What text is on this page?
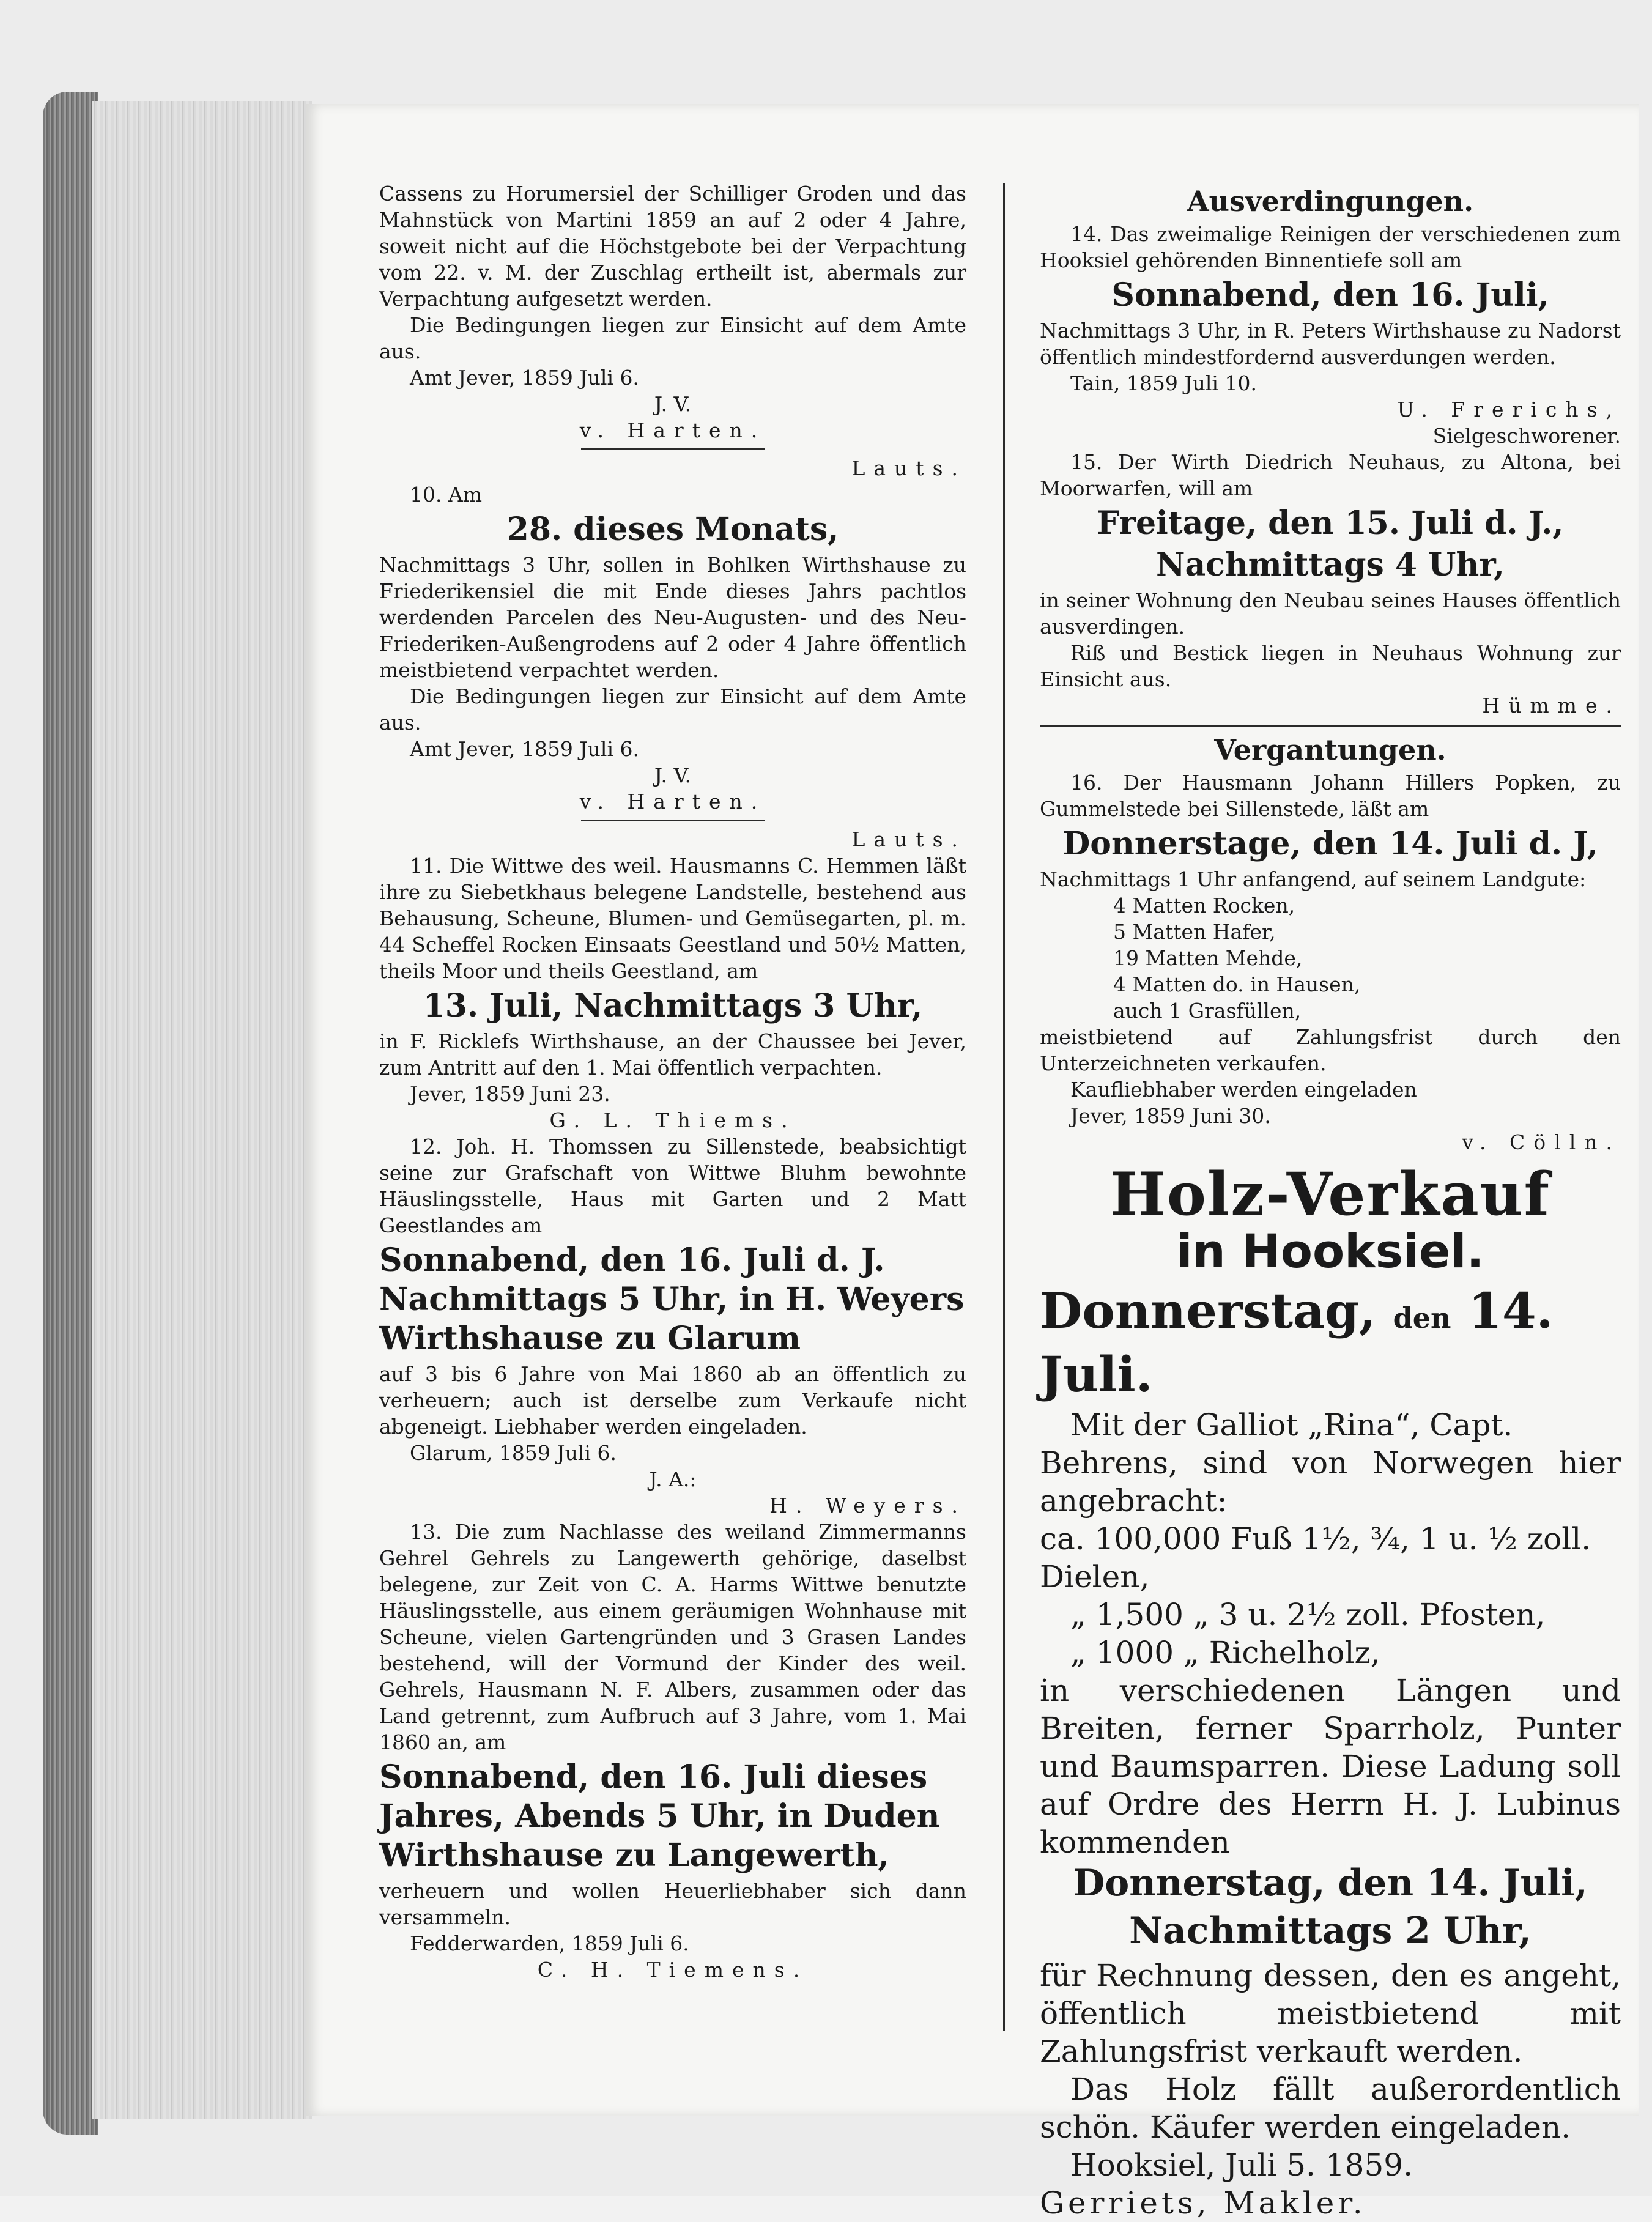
Cassens zu Horumersiel der Schilliger Groden und das Mahnstück von Martini 1859 an auf 2 oder 4 Jahre, soweit nicht auf die Höchstgebote bei der Verpachtung vom 22. v. M. der Zuschlag ertheilt ist, abermals zur Verpachtung aufgesetzt werden.

Die Bedingungen liegen zur Einsicht auf dem Amte aus.

Amt Jever, 1859 Juli 6.

J. V.

v. Harten.

Lauts.

10. Am

28. dieses Monats,

Nachmittags 3 Uhr, sollen in Bohlken Wirthshause zu Friederikensiel die mit Ende dieses Jahrs pachtlos werdenden Parcelen des Neu-Augusten- und des Neu-Friederiken-Außengrodens auf 2 oder 4 Jahre öffentlich meistbietend verpachtet werden.

Die Bedingungen liegen zur Einsicht auf dem Amte aus.

Amt Jever, 1859 Juli 6.

J. V.

v. Harten.

Lauts.

11. Die Wittwe des weil. Hausmanns C. Hemmen läßt ihre zu Siebetkhaus belegene Landstelle, bestehend aus Behausung, Scheune, Blumen- und Gemüsegarten, pl. m. 44 Scheffel Rocken Einsaats Geestland und 50½ Matten, theils Moor und theils Geestland, am

13. Juli, Nachmittags 3 Uhr,

in F. Ricklefs Wirthshause, an der Chaussee bei Jever, zum Antritt auf den 1. Mai öffentlich verpachten.

Jever, 1859 Juni 23.

G. L. Thiems.

12. Joh. H. Thomssen zu Sillenstede, beabsichtigt seine zur Grafschaft von Wittwe Bluhm bewohnte Häuslingsstelle, Haus mit Garten und 2 Matt Geestlandes am

Sonnabend, den 16. Juli d. J. Nachmittags 5 Uhr, in H. Weyers Wirthshause zu Glarum

auf 3 bis 6 Jahre von Mai 1860 ab an öffentlich zu verheuern; auch ist derselbe zum Verkaufe nicht abgeneigt. Liebhaber werden eingeladen.

Glarum, 1859 Juli 6.

J. A.:

H. Weyers.

13. Die zum Nachlasse des weiland Zimmermanns Gehrel Gehrels zu Langewerth gehörige, daselbst belegene, zur Zeit von C. A. Harms Wittwe benutzte Häuslingsstelle, aus einem geräumigen Wohnhause mit Scheune, vielen Gartengründen und 3 Grasen Landes bestehend, will der Vormund der Kinder des weil. Gehrels, Hausmann N. F. Albers, zusammen oder das Land getrennt, zum Aufbruch auf 3 Jahre, vom 1. Mai 1860 an, am

Sonnabend, den 16. Juli dieses Jahres, Abends 5 Uhr, in Duden Wirthshause zu Langewerth,

verheuern und wollen Heuerliebhaber sich dann versammeln.

Fedderwarden, 1859 Juli 6.

C. H. Tiemens.

Ausverdingungen.

14. Das zweimalige Reinigen der verschiedenen zum Hooksiel gehörenden Binnentiefe soll am

Sonnabend, den 16. Juli,

Nachmittags 3 Uhr, in R. Peters Wirthshause zu Nadorst öffentlich mindestfordernd ausverdungen werden.

Tain, 1859 Juli 10.

U. Frerichs,

Sielgeschworener.

15. Der Wirth Diedrich Neuhaus, zu Altona, bei Moorwarfen, will am

Freitage, den 15. Juli d. J.,

Nachmittags 4 Uhr,

in seiner Wohnung den Neubau seines Hauses öffentlich ausverdingen.

Riß und Bestick liegen in Neuhaus Wohnung zur Einsicht aus.

Hümme.

Vergantungen.

16. Der Hausmann Johann Hillers Popken, zu Gummelstede bei Sillenstede, läßt am

Donnerstage, den 14. Juli d. J,

Nachmittags 1 Uhr anfangend, auf seinem Landgute:

4 Matten Rocken,

5 Matten Hafer,

19 Matten Mehde,

4 Matten do. in Hausen,

auch 1 Grasfüllen,

meistbietend auf Zahlungsfrist durch den Unterzeichneten verkaufen.

Kaufliebhaber werden eingeladen

Jever, 1859 Juni 30.

v. Cölln.

Holz-Verkauf

in Hooksiel.

Donnerstag, den 14. Juli.

Mit der Galliot „Rina“, Capt.

Behrens, sind von Norwegen hier angebracht:

ca. 100,000 Fuß 1½, ¾, 1 u. ½ zoll.

Dielen,

„ 1,500 „ 3 u. 2½ zoll. Pfosten,

„ 1000 „ Richelholz,

in verschiedenen Längen und Breiten, ferner Sparrholz, Punter und Baumsparren. Diese Ladung soll auf Ordre des Herrn H. J. Lubinus kommenden

Donnerstag, den 14. Juli,

Nachmittags 2 Uhr,

für Rechnung dessen, den es angeht, öffentlich meistbietend mit Zahlungsfrist verkauft werden.

Das Holz fällt außerordentlich schön. Käufer werden eingeladen.

Hooksiel, Juli 5. 1859.

Gerriets, Makler.
